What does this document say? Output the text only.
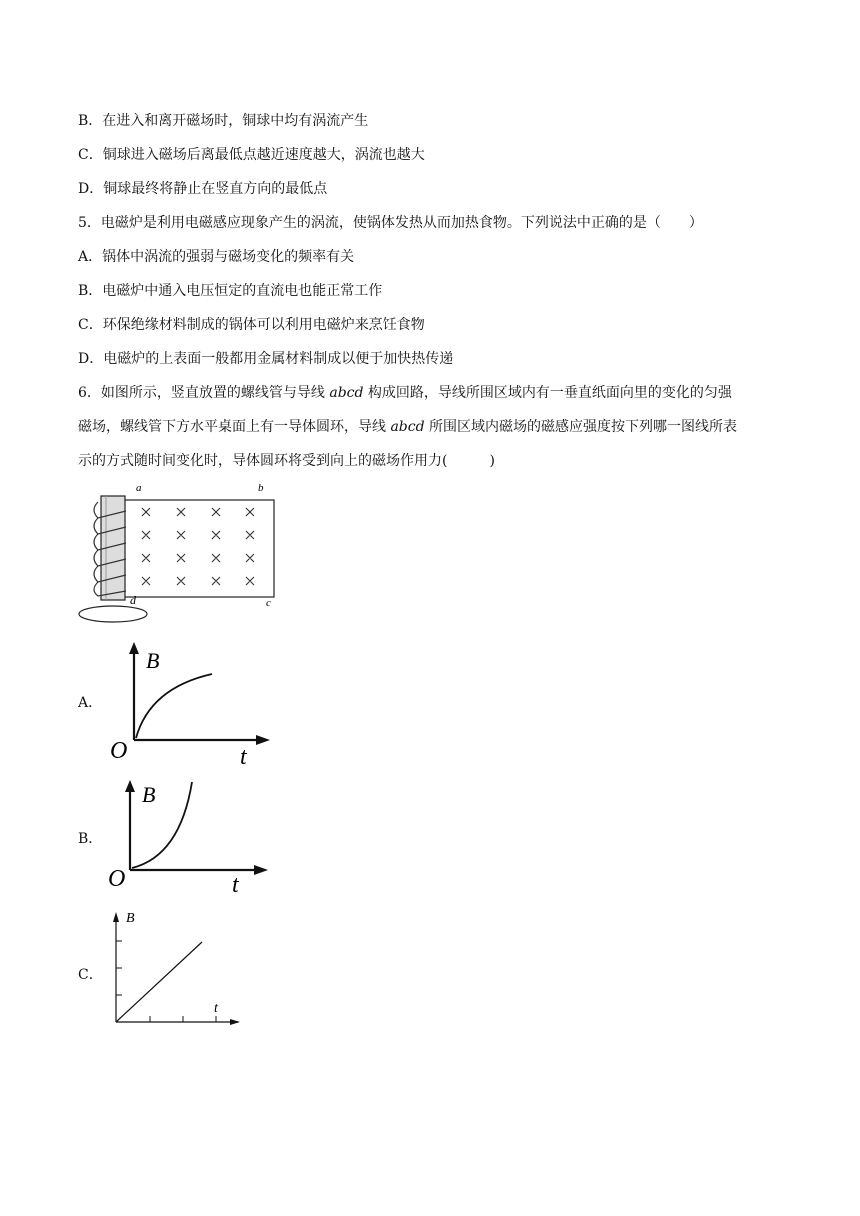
B．在进入和离开磁场时，铜球中均有涡流产生
C．铜球进入磁场后离最低点越近速度越大，涡流也越大
D．铜球最终将静止在竖直方向的最低点
5．电磁炉是利用电磁感应现象产生的涡流，使锅体发热从而加热食物。下列说法中正确的是（　　）
A．锅体中涡流的强弱与磁场变化的频率有关
B．电磁炉中通入电压恒定的直流电也能正常工作
C．环保绝缘材料制成的锅体可以利用电磁炉来烹饪食物
D．电磁炉的上表面一般都用金属材料制成以便于加快热传递
6．如图所示，竖直放置的螺线管与导线 abcd 构成回路，导线所围区域内有一垂直纸面向里的变化的匀强
磁场，螺线管下方水平桌面上有一导体圆环，导线 abcd 所围区域内磁场的磁感应强度按下列哪一图线所表
示的方式随时间变化时，导体圆环将受到向上的磁场作用力(　　　)
a	b
c
d
A．
B
O	t
B．
B
O	t
C．
B
t
